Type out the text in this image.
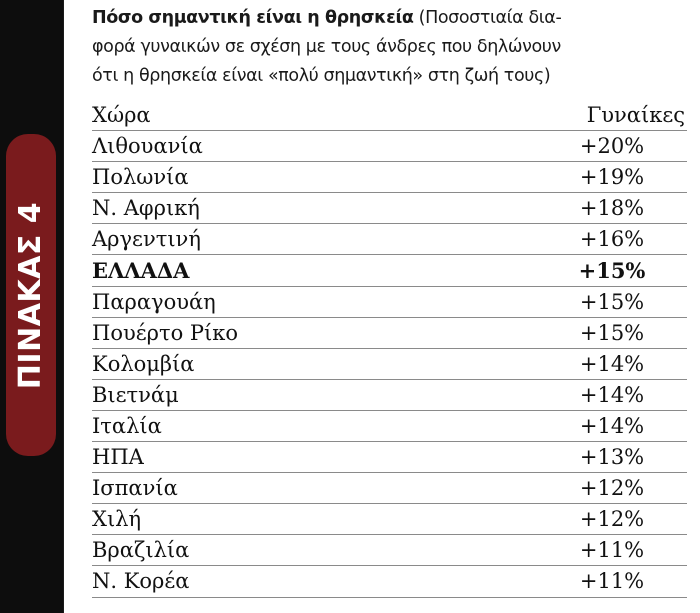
ΠΙΝΑΚΑΣ 4
Πόσο σημαντική είναι η θρησκεία (Ποσοστιαία δια-
φορά γυναικών σε σχέση με τους άνδρες που δηλώνουν
ότι η θρησκεία είναι «πολύ σημαντική» στη ζωή τους)
Χώρα	Γυναίκες
Λιθουανία	+20%
Πολωνία	+19%
Ν. Αφρική	+18%
Αργεντινή	+16%
ΕΛΛΑΔΑ	+15%
Παραγουάη	+15%
Πουέρτο Ρίκο	+15%
Κολομβία	+14%
Βιετνάμ	+14%
Ιταλία	+14%
ΗΠΑ	+13%
Ισπανία	+12%
Χιλή	+12%
Βραζιλία	+11%
Ν. Κορέα	+11%
